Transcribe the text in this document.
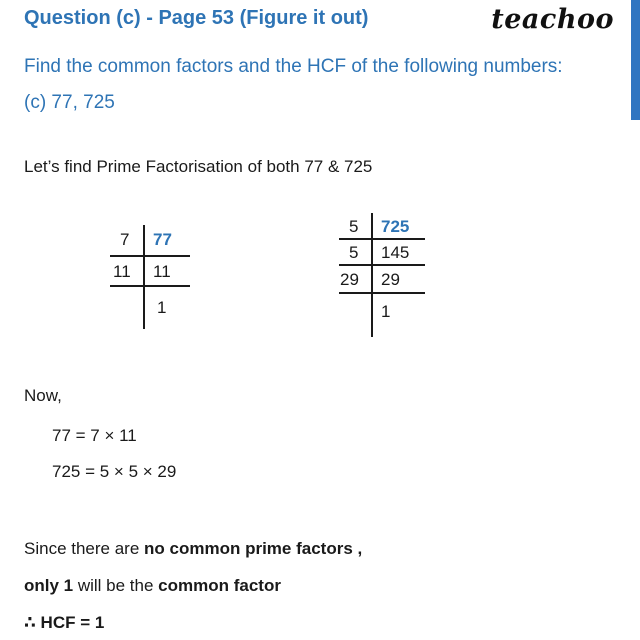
Question (c) - Page 53 (Figure it out)	teachoo
Find the common factors and the HCF of the following numbers:
(c) 77, 725
Let’s find Prime Factorisation of both 77 & 725
7 77
11 11
1
5 725
5 145
29 29
1
Now,
77 = 7 × 11
725 = 5 × 5 × 29
Since there are no common prime factors ,
only 1 will be the common factor
∴ HCF = 1
